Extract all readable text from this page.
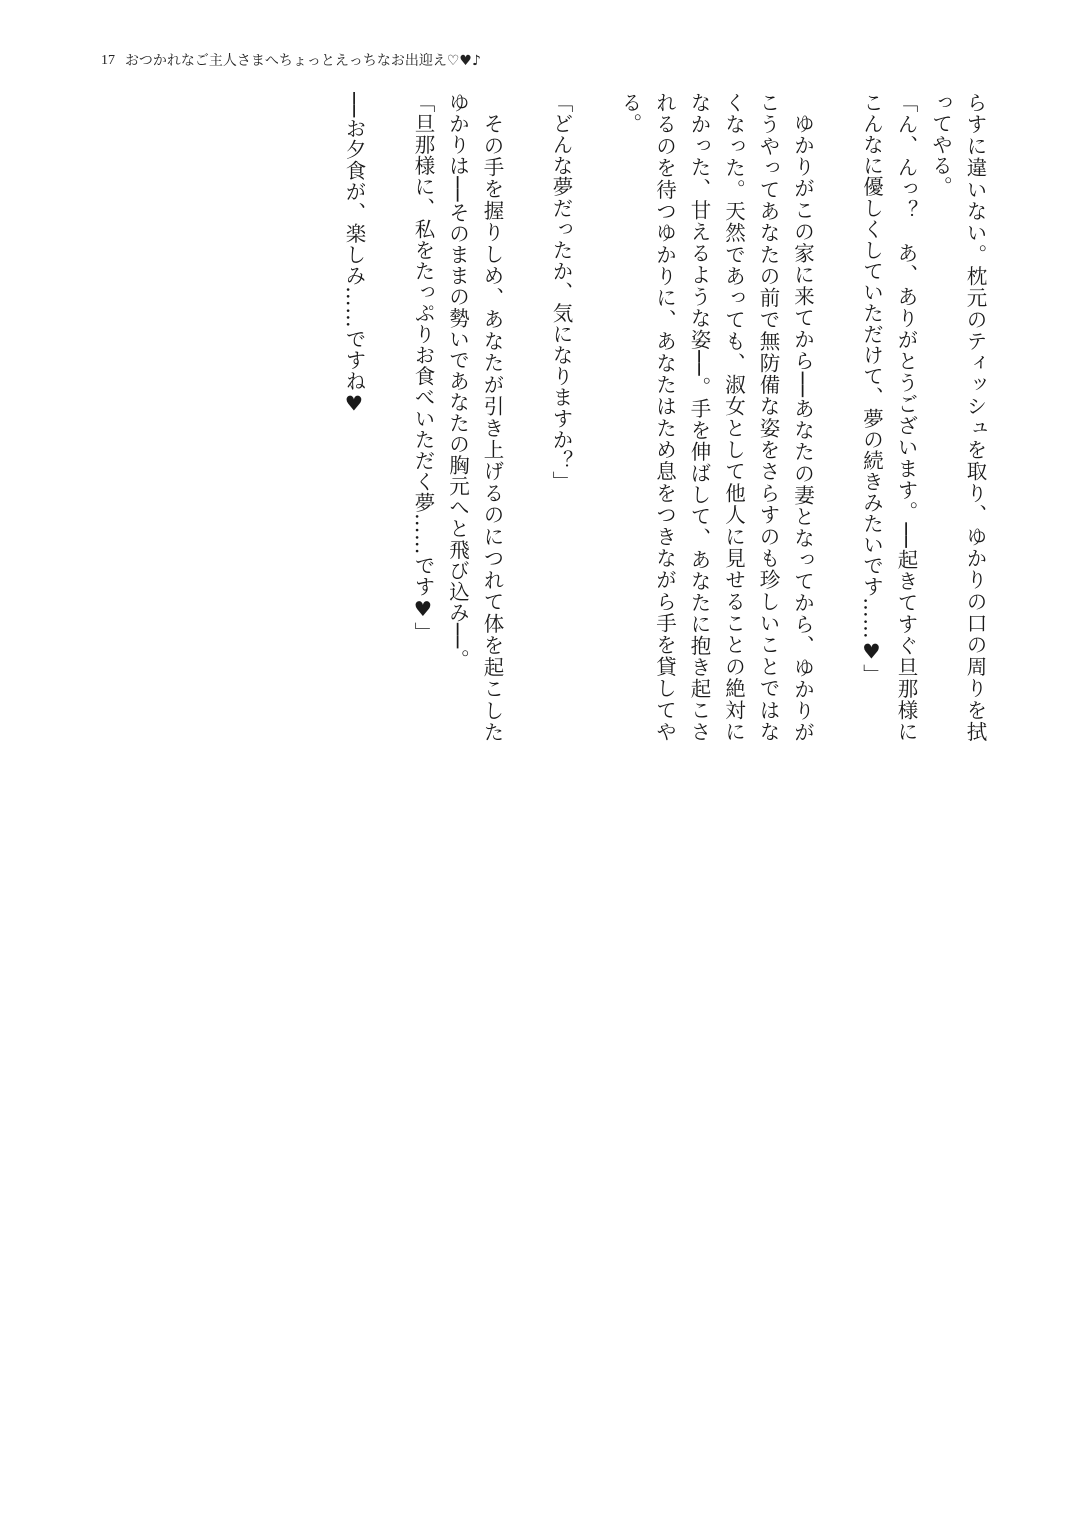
17 おつかれなご主人さまへちょっとえっちなお出迎え♡♥♪

らすに違いない。枕元のティッシュを取り、ゆかりの口の周りを拭ってやる。

「ん、んっ？　あ、ありがとうございます。──起きてすぐ旦那様にこんなに優しくしていただけて、夢の続きみたいです……♥」

ゆかりがこの家に来てから──あなたの妻となってから、ゆかりがこうやってあなたの前で無防備な姿をさらすのも珍しいことではなくなった。天然であっても、淑女として他人に見せることの絶対になかった、甘えるような姿──。手を伸ばして、あなたに抱き起こされるのを待つゆかりに、あなたはため息をつきながら手を貸してやる。

「どんな夢だったか、気になりますか？」

その手を握りしめ、あなたが引き上げるのにつれて体を起こしたゆかりは──そのままの勢いであなたの胸元へと飛び込み──。

「旦那様に、私をたっぷりお食べいただく夢……です♥」

──お夕食が、楽しみ……ですね♥
